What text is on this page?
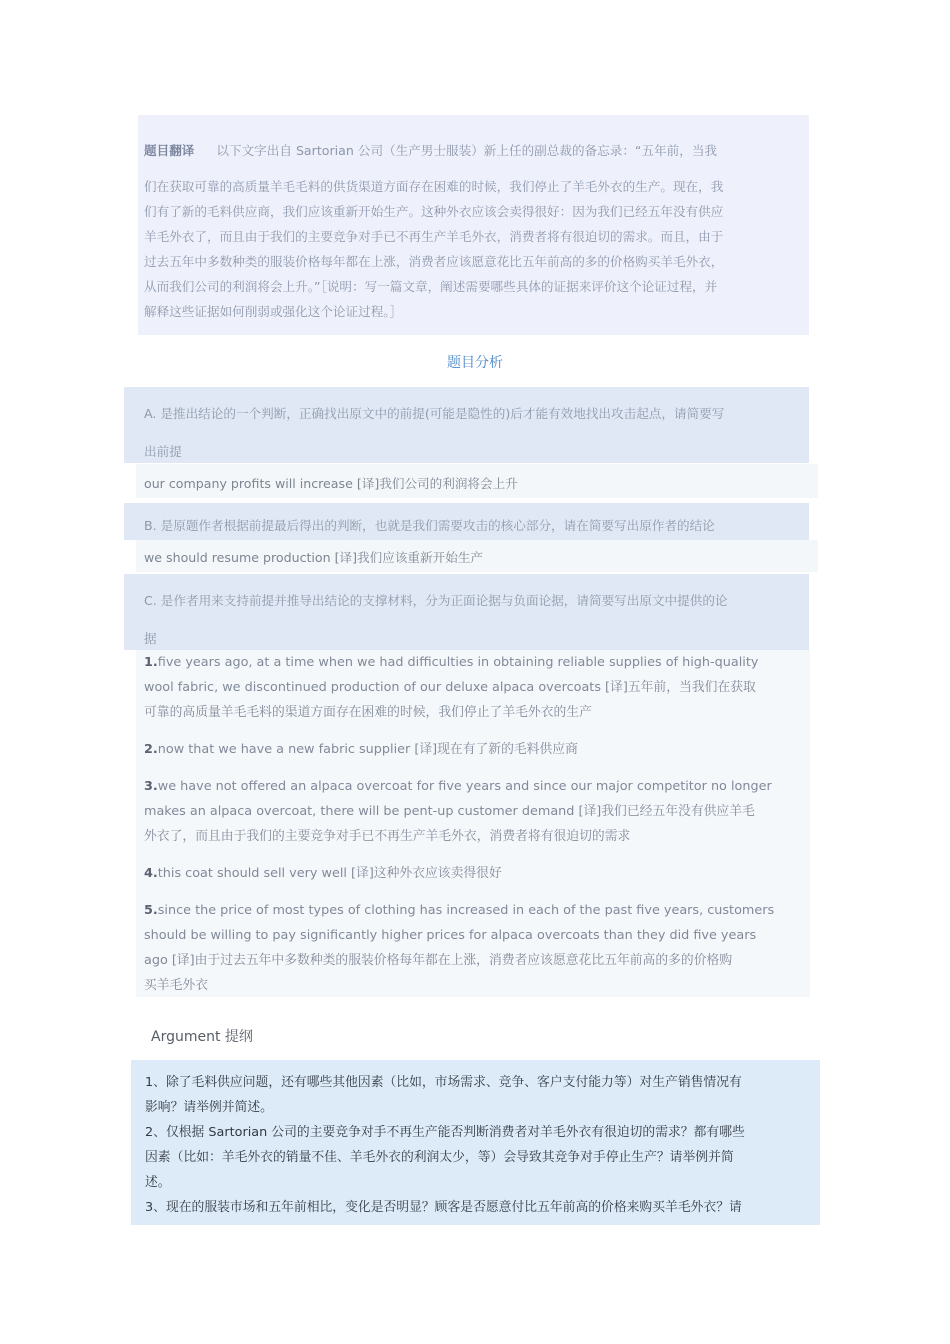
题目翻译 以下文字出自 Sartorian 公司（生产男士服装）新上任的副总裁的备忘录：“五年前，当我

们在获取可靠的高质量羊毛毛料的供货渠道方面存在困难的时候，我们停止了羊毛外衣的生产。现在，我

们有了新的毛料供应商，我们应该重新开始生产。这种外衣应该会卖得很好：因为我们已经五年没有供应

羊毛外衣了，而且由于我们的主要竞争对手已不再生产羊毛外衣，消费者将有很迫切的需求。而且，由于

过去五年中多数种类的服装价格每年都在上涨，消费者应该愿意花比五年前高的多的价格购买羊毛外衣，

从而我们公司的利润将会上升。”［说明：写一篇文章，阐述需要哪些具体的证据来评价这个论证过程，并

解释这些证据如何削弱或强化这个论证过程。］

题目分析

A. 是推出结论的一个判断，正确找出原文中的前提(可能是隐性的)后才能有效地找出攻击起点，请简要写

出前提

our company profits will increase [译]我们公司的利润将会上升

B. 是原题作者根据前提最后得出的判断，也就是我们需要攻击的核心部分，请在简要写出原作者的结论

we should resume production [译]我们应该重新开始生产

C. 是作者用来支持前提并推导出结论的支撑材料，分为正面论据与负面论据，请简要写出原文中提供的论

据

1.five years ago, at a time when we had difficulties in obtaining reliable supplies of high-quality

wool fabric, we discontinued production of our deluxe alpaca overcoats [译]五年前，当我们在获取

可靠的高质量羊毛毛料的渠道方面存在困难的时候，我们停止了羊毛外衣的生产

2.now that we have a new fabric supplier [译]现在有了新的毛料供应商

3.we have not offered an alpaca overcoat for five years and since our major competitor no longer

makes an alpaca overcoat, there will be pent-up customer demand [译]我们已经五年没有供应羊毛

外衣了，而且由于我们的主要竞争对手已不再生产羊毛外衣，消费者将有很迫切的需求

4.this coat should sell very well [译]这种外衣应该卖得很好

5.since the price of most types of clothing has increased in each of the past five years, customers

should be willing to pay significantly higher prices for alpaca overcoats than they did five years

ago [译]由于过去五年中多数种类的服装价格每年都在上涨，消费者应该愿意花比五年前高的多的价格购

买羊毛外衣

Argument 提纲

1、除了毛料供应问题，还有哪些其他因素（比如，市场需求、竞争、客户支付能力等）对生产销售情况有

影响？请举例并简述。

2、仅根据 Sartorian 公司的主要竞争对手不再生产能否判断消费者对羊毛外衣有很迫切的需求？都有哪些

因素（比如：羊毛外衣的销量不佳、羊毛外衣的利润太少，等）会导致其竞争对手停止生产？请举例并简

述。

3、现在的服装市场和五年前相比，变化是否明显？顾客是否愿意付比五年前高的价格来购买羊毛外衣？请
